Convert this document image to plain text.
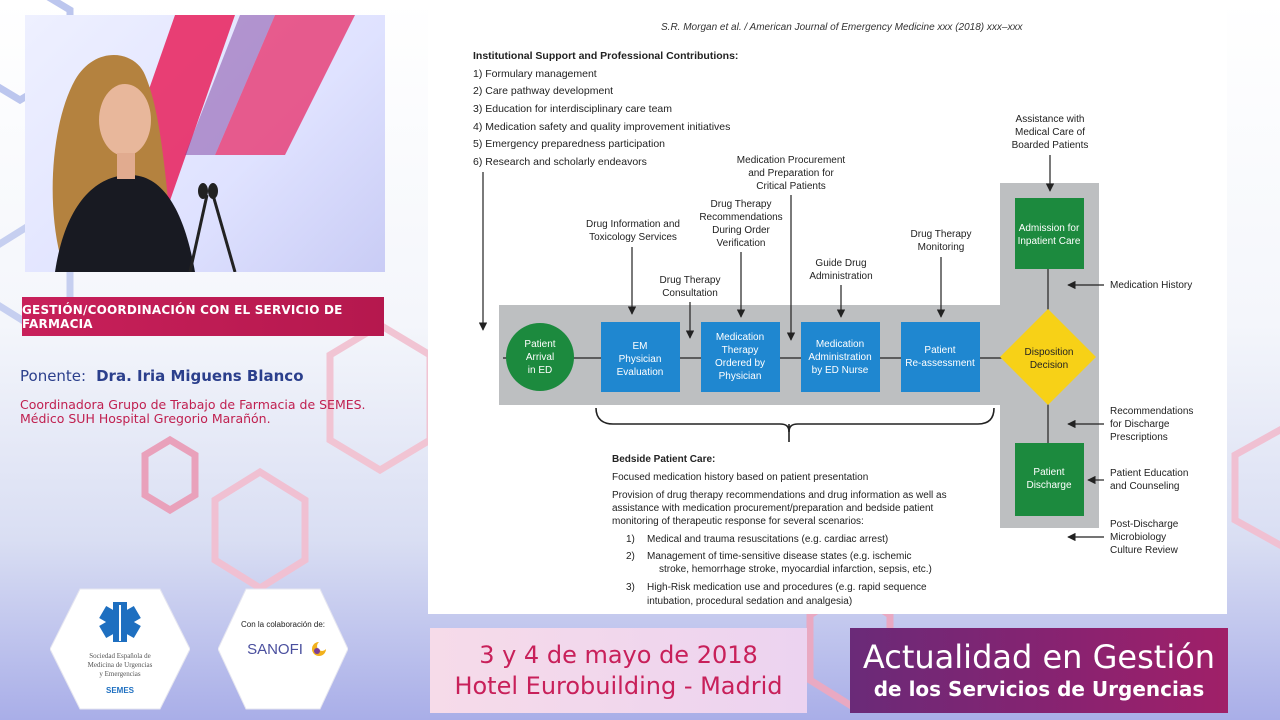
GESTIÓN/COORDINACIÓN CON EL SERVICIO DE FARMACIA
Ponente: Dra. Iria Miguens Blanco
Coordinadora Grupo de Trabajo de Farmacia de SEMES.
Médico SUH Hospital Gregorio Marañón.
S.R. Morgan et al. / American Journal of Emergency Medicine xxx (2018) xxx–xxx
Institutional Support and Professional Contributions:
1) Formulary management
2) Care pathway development
3) Education for interdisciplinary care team
4) Medication safety and quality improvement initiatives
5) Emergency preparedness participation
6) Research and scholarly endeavors
Patient
Arrival
in ED
EM
Physician
Evaluation
Medication
Therapy
Ordered by
Physician
Medication
Administration
by ED Nurse
Patient
Re-assessment
Admission for
Inpatient Care
Disposition
Decision
Patient
Discharge
Drug Information and
Toxicology Services
Drug Therapy
Consultation
Drug Therapy
Recommendations
During Order
Verification
Medication Procurement
and Preparation for
Critical Patients
Guide Drug
Administration
Drug Therapy
Monitoring
Assistance with
Medical Care of
Boarded Patients
Medication History
Recommendations
for Discharge
Prescriptions
Patient Education
and Counseling
Post-Discharge
Microbiology
Culture Review
Bedside Patient Care:
Focused medication history based on patient presentation
Provision of drug therapy recommendations and drug information as well as
assistance with medication procurement/preparation and bedside patient
monitoring of therapeutic response for several scenarios:
1) Medical and trauma resuscitations (e.g. cardiac arrest)
2) Management of time-sensitive disease states (e.g. ischemic
stroke, hemorrhage stroke, myocardial infarction, sepsis, etc.)
3) High-Risk medication use and procedures (e.g. rapid sequence
intubation, procedural sedation and analgesia)
Sociedad Española de
Medicina de Urgencias
y Emergencias
SEMES
Con la colaboración de:
SANOFI	3 y 4 de mayo de 2018
Hotel Eurobuilding - Madrid
Actualidad en Gestión
de los Servicios de Urgencias
